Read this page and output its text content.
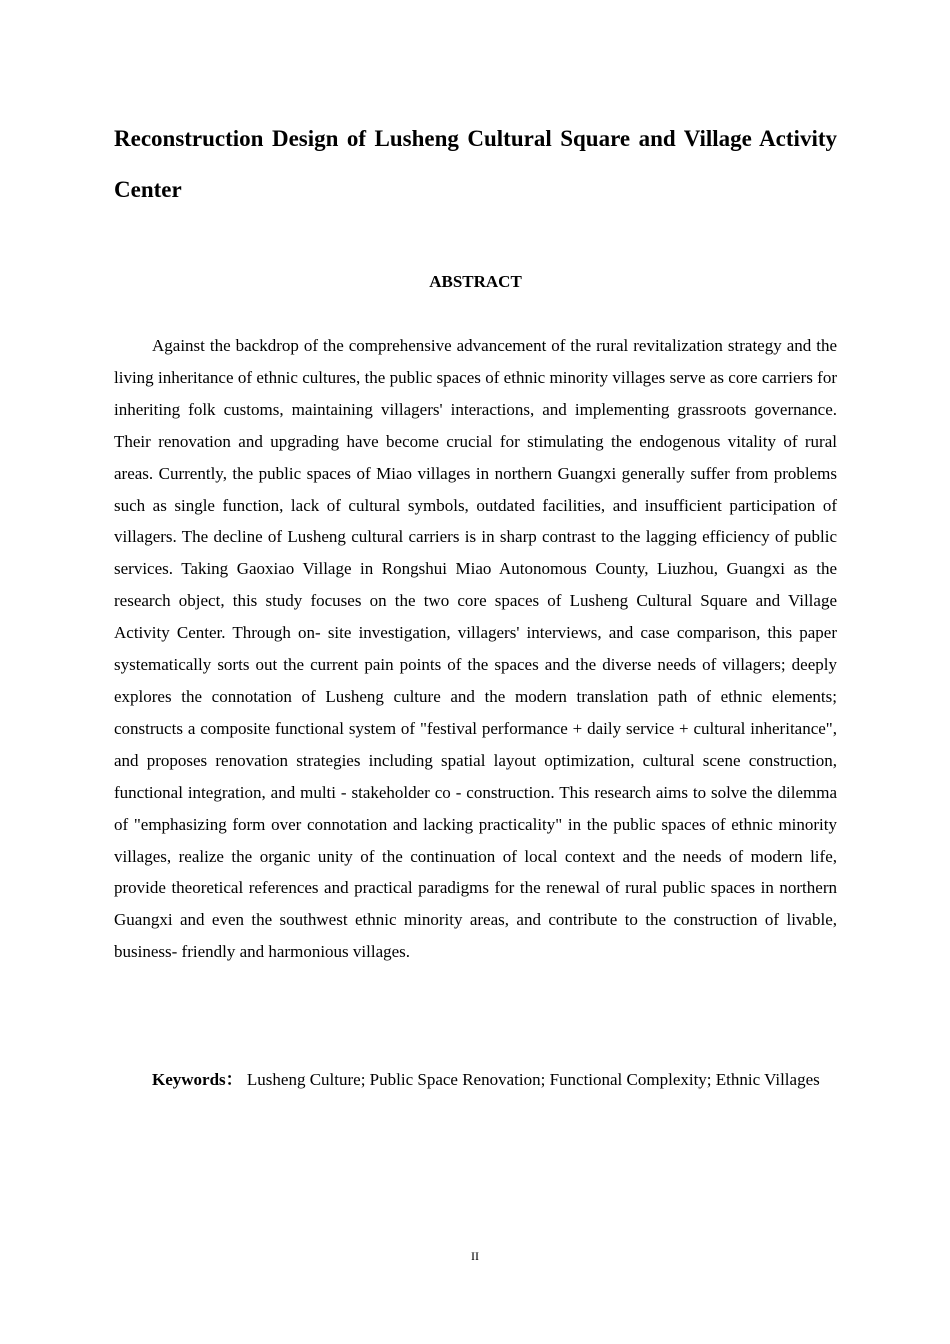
Reconstruction Design of Lusheng Cultural Square and Village Activity Center
ABSTRACT

Against the backdrop of the comprehensive advancement of the rural revitalization strategy and the living inheritance of ethnic cultures, the public spaces of ethnic minority villages serve as core carriers for inheriting folk customs, maintaining villagers' interactions, and implementing grassroots governance. Their renovation and upgrading have become crucial for stimulating the endogenous vitality of rural areas. Currently, the public spaces of Miao villages in northern Guangxi generally suffer from problems such as single function, lack of cultural symbols, outdated facilities, and insufficient participation of villagers. The decline of Lusheng cultural carriers is in sharp contrast to the lagging efficiency of public services. Taking Gaoxiao Village in Rongshui Miao Autonomous County, Liuzhou, Guangxi as the research object, this study focuses on the two core spaces of Lusheng Cultural Square and Village Activity Center. Through on- site investigation, villagers' interviews, and case comparison, this paper systematically sorts out the current pain points of the spaces and the diverse needs of villagers; deeply explores the connotation of Lusheng culture and the modern translation path of ethnic elements; constructs a composite functional system of "festival performance + daily service + cultural inheritance", and proposes renovation strategies including spatial layout optimization, cultural scene construction, functional integration, and multi - stakeholder co - construction. This research aims to solve the dilemma of "emphasizing form over connotation and lacking practicality" in the public spaces of ethnic minority villages, realize the organic unity of the continuation of local context and the needs of modern life, provide theoretical references and practical paradigms for the renewal of rural public spaces in northern Guangxi and even the southwest ethnic minority areas, and contribute to the construction of livable, business- friendly and harmonious villages.

Keywords： Lusheng Culture; Public Space Renovation; Functional Complexity; Ethnic Villages

II
